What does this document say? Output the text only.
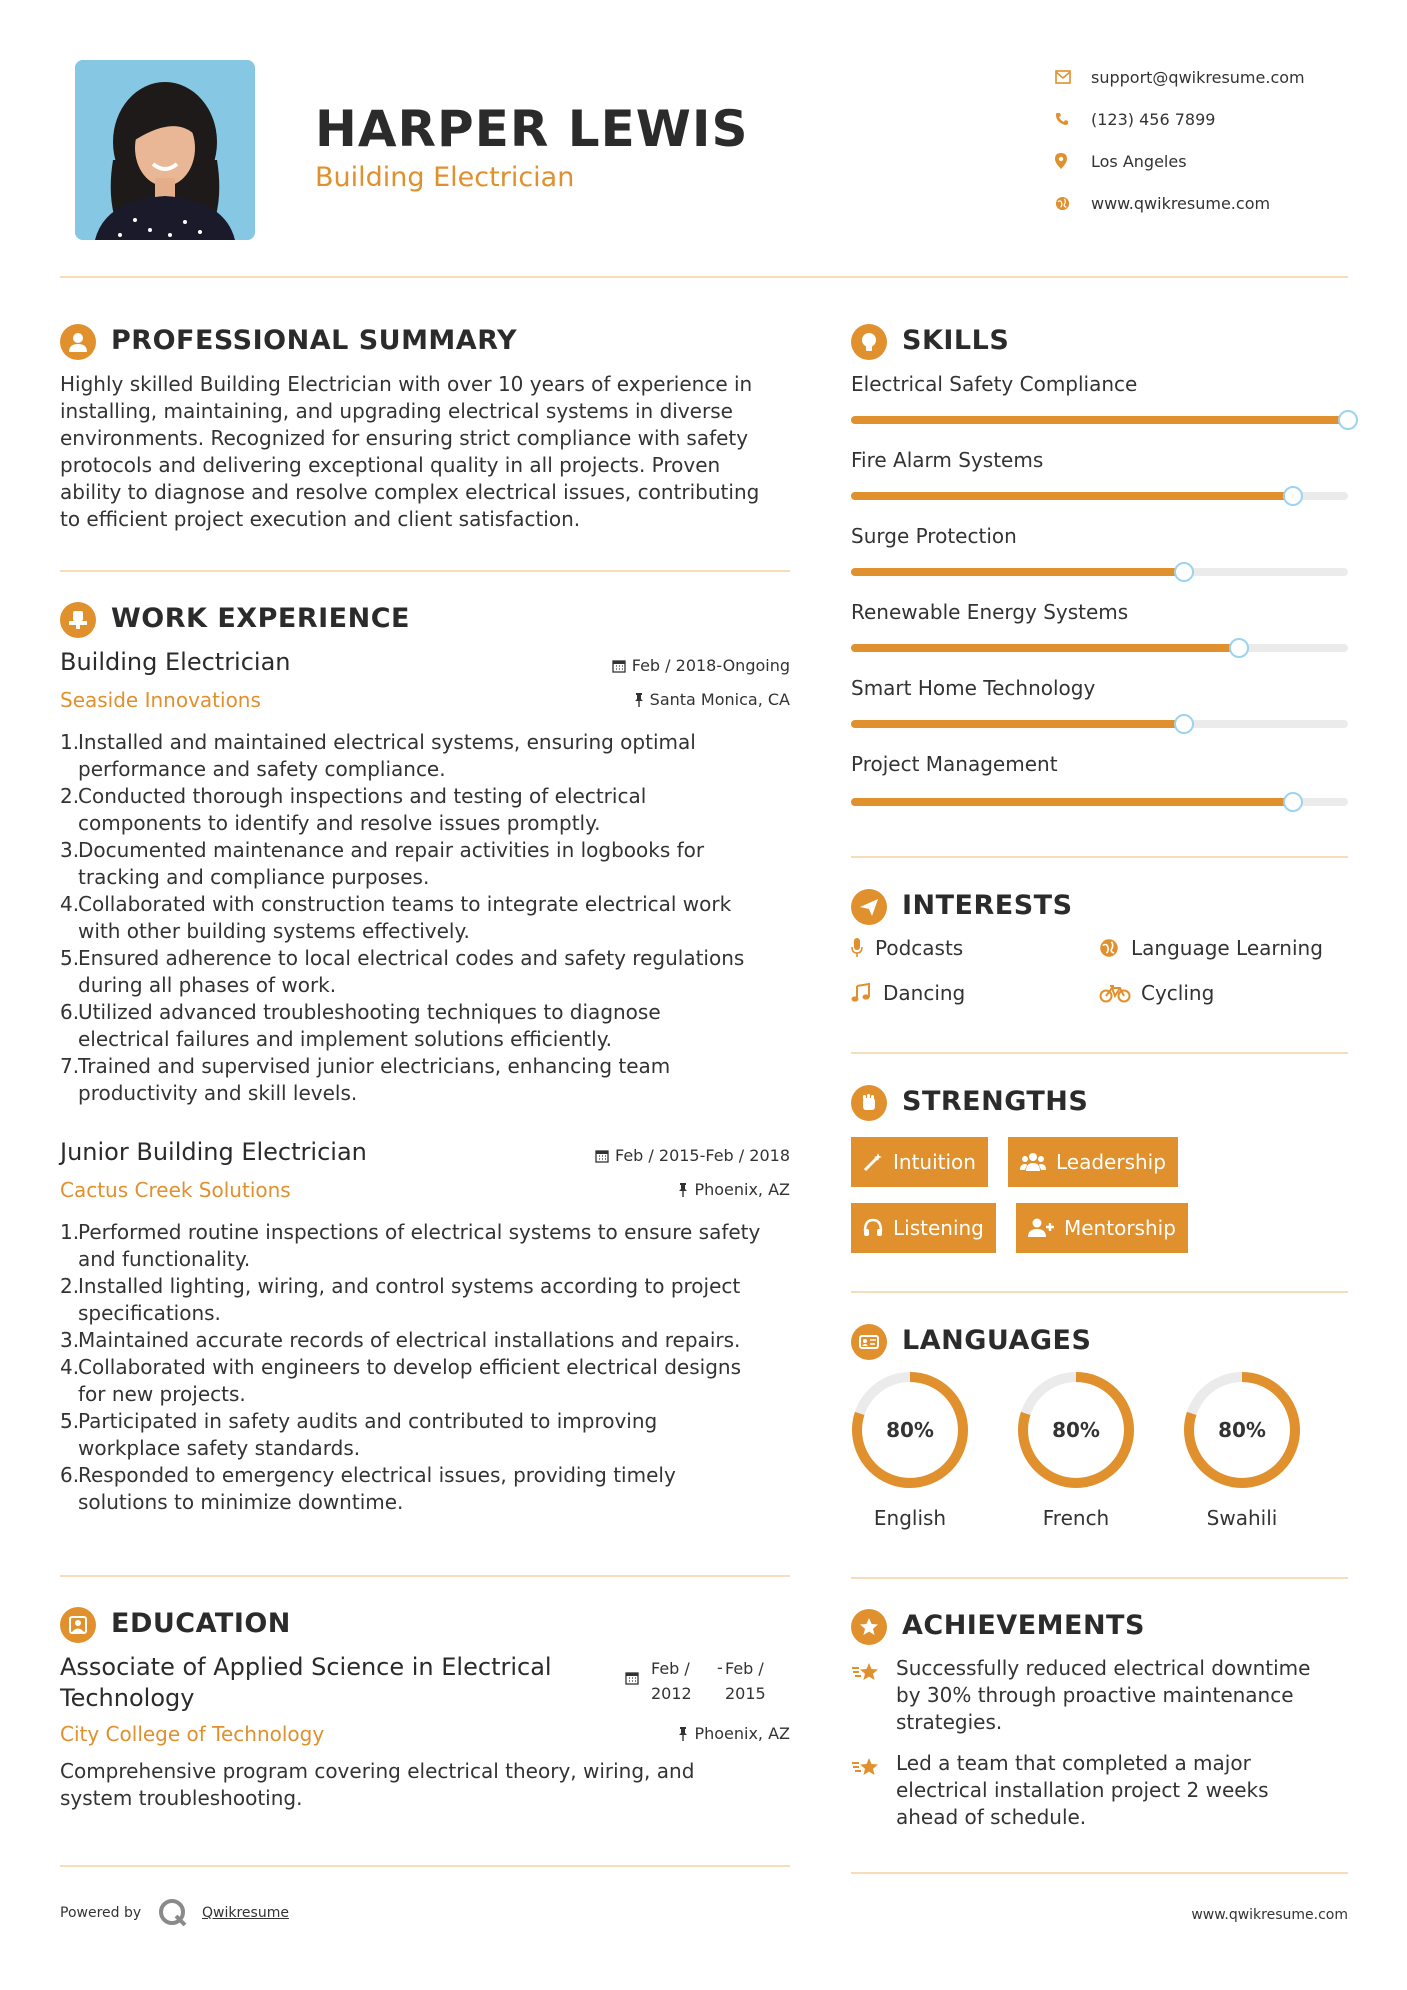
HARPER LEWIS
Building Electrician
support@qwikresume.com
(123) 456 7899
Los Angeles
www.qwikresume.com
PROFESSIONAL SUMMARY
Highly skilled Building Electrician with over 10 years of experience in
installing, maintaining, and upgrading electrical systems in diverse
environments. Recognized for ensuring strict compliance with safety
protocols and delivering exceptional quality in all projects. Proven
ability to diagnose and resolve complex electrical issues, contributing
to efficient project execution and client satisfaction.
WORK EXPERIENCE
Building Electrician	Feb / 2018-Ongoing
Seaside Innovations	Santa Monica, CA
1.
Installed and maintained electrical systems, ensuring optimal
performance and safety compliance.
2.
Conducted thorough inspections and testing of electrical
components to identify and resolve issues promptly.
3.
Documented maintenance and repair activities in logbooks for
tracking and compliance purposes.
4.
Collaborated with construction teams to integrate electrical work
with other building systems effectively.
5.
Ensured adherence to local electrical codes and safety regulations
during all phases of work.
6.
Utilized advanced troubleshooting techniques to diagnose
electrical failures and implement solutions efficiently.
7.
Trained and supervised junior electricians, enhancing team
productivity and skill levels.
Junior Building Electrician	Feb / 2015-Feb / 2018
Cactus Creek Solutions	Phoenix, AZ
1.
Performed routine inspections of electrical systems to ensure safety
and functionality.
2.
Installed lighting, wiring, and control systems according to project
specifications.
3.
Maintained accurate records of electrical installations and repairs.
4.
Collaborated with engineers to develop efficient electrical designs
for new projects.
5.
Participated in safety audits and contributed to improving
workplace safety standards.
6.
Responded to emergency electrical issues, providing timely
solutions to minimize downtime.
EDUCATION
Associate of Applied Science in Electrical
Technology
Feb /
2012
- Feb /
2015
City College of Technology	Phoenix, AZ
Comprehensive program covering electrical theory, wiring, and
system troubleshooting.
SKILLS
Electrical Safety Compliance
Fire Alarm Systems
Surge Protection
Renewable Energy Systems
Smart Home Technology
Project Management
INTERESTS
Podcasts	Language Learning
Dancing	Cycling
STRENGTHS
Intuition	Leadership
Listening	Mentorship
LANGUAGES
80%	80%	80%
English	French	Swahili
ACHIEVEMENTS
Successfully reduced electrical downtime
by 30% through proactive maintenance
strategies.
Led a team that completed a major
electrical installation project 2 weeks
ahead of schedule.
Powered by	Qwikresume	www.qwikresume.com
